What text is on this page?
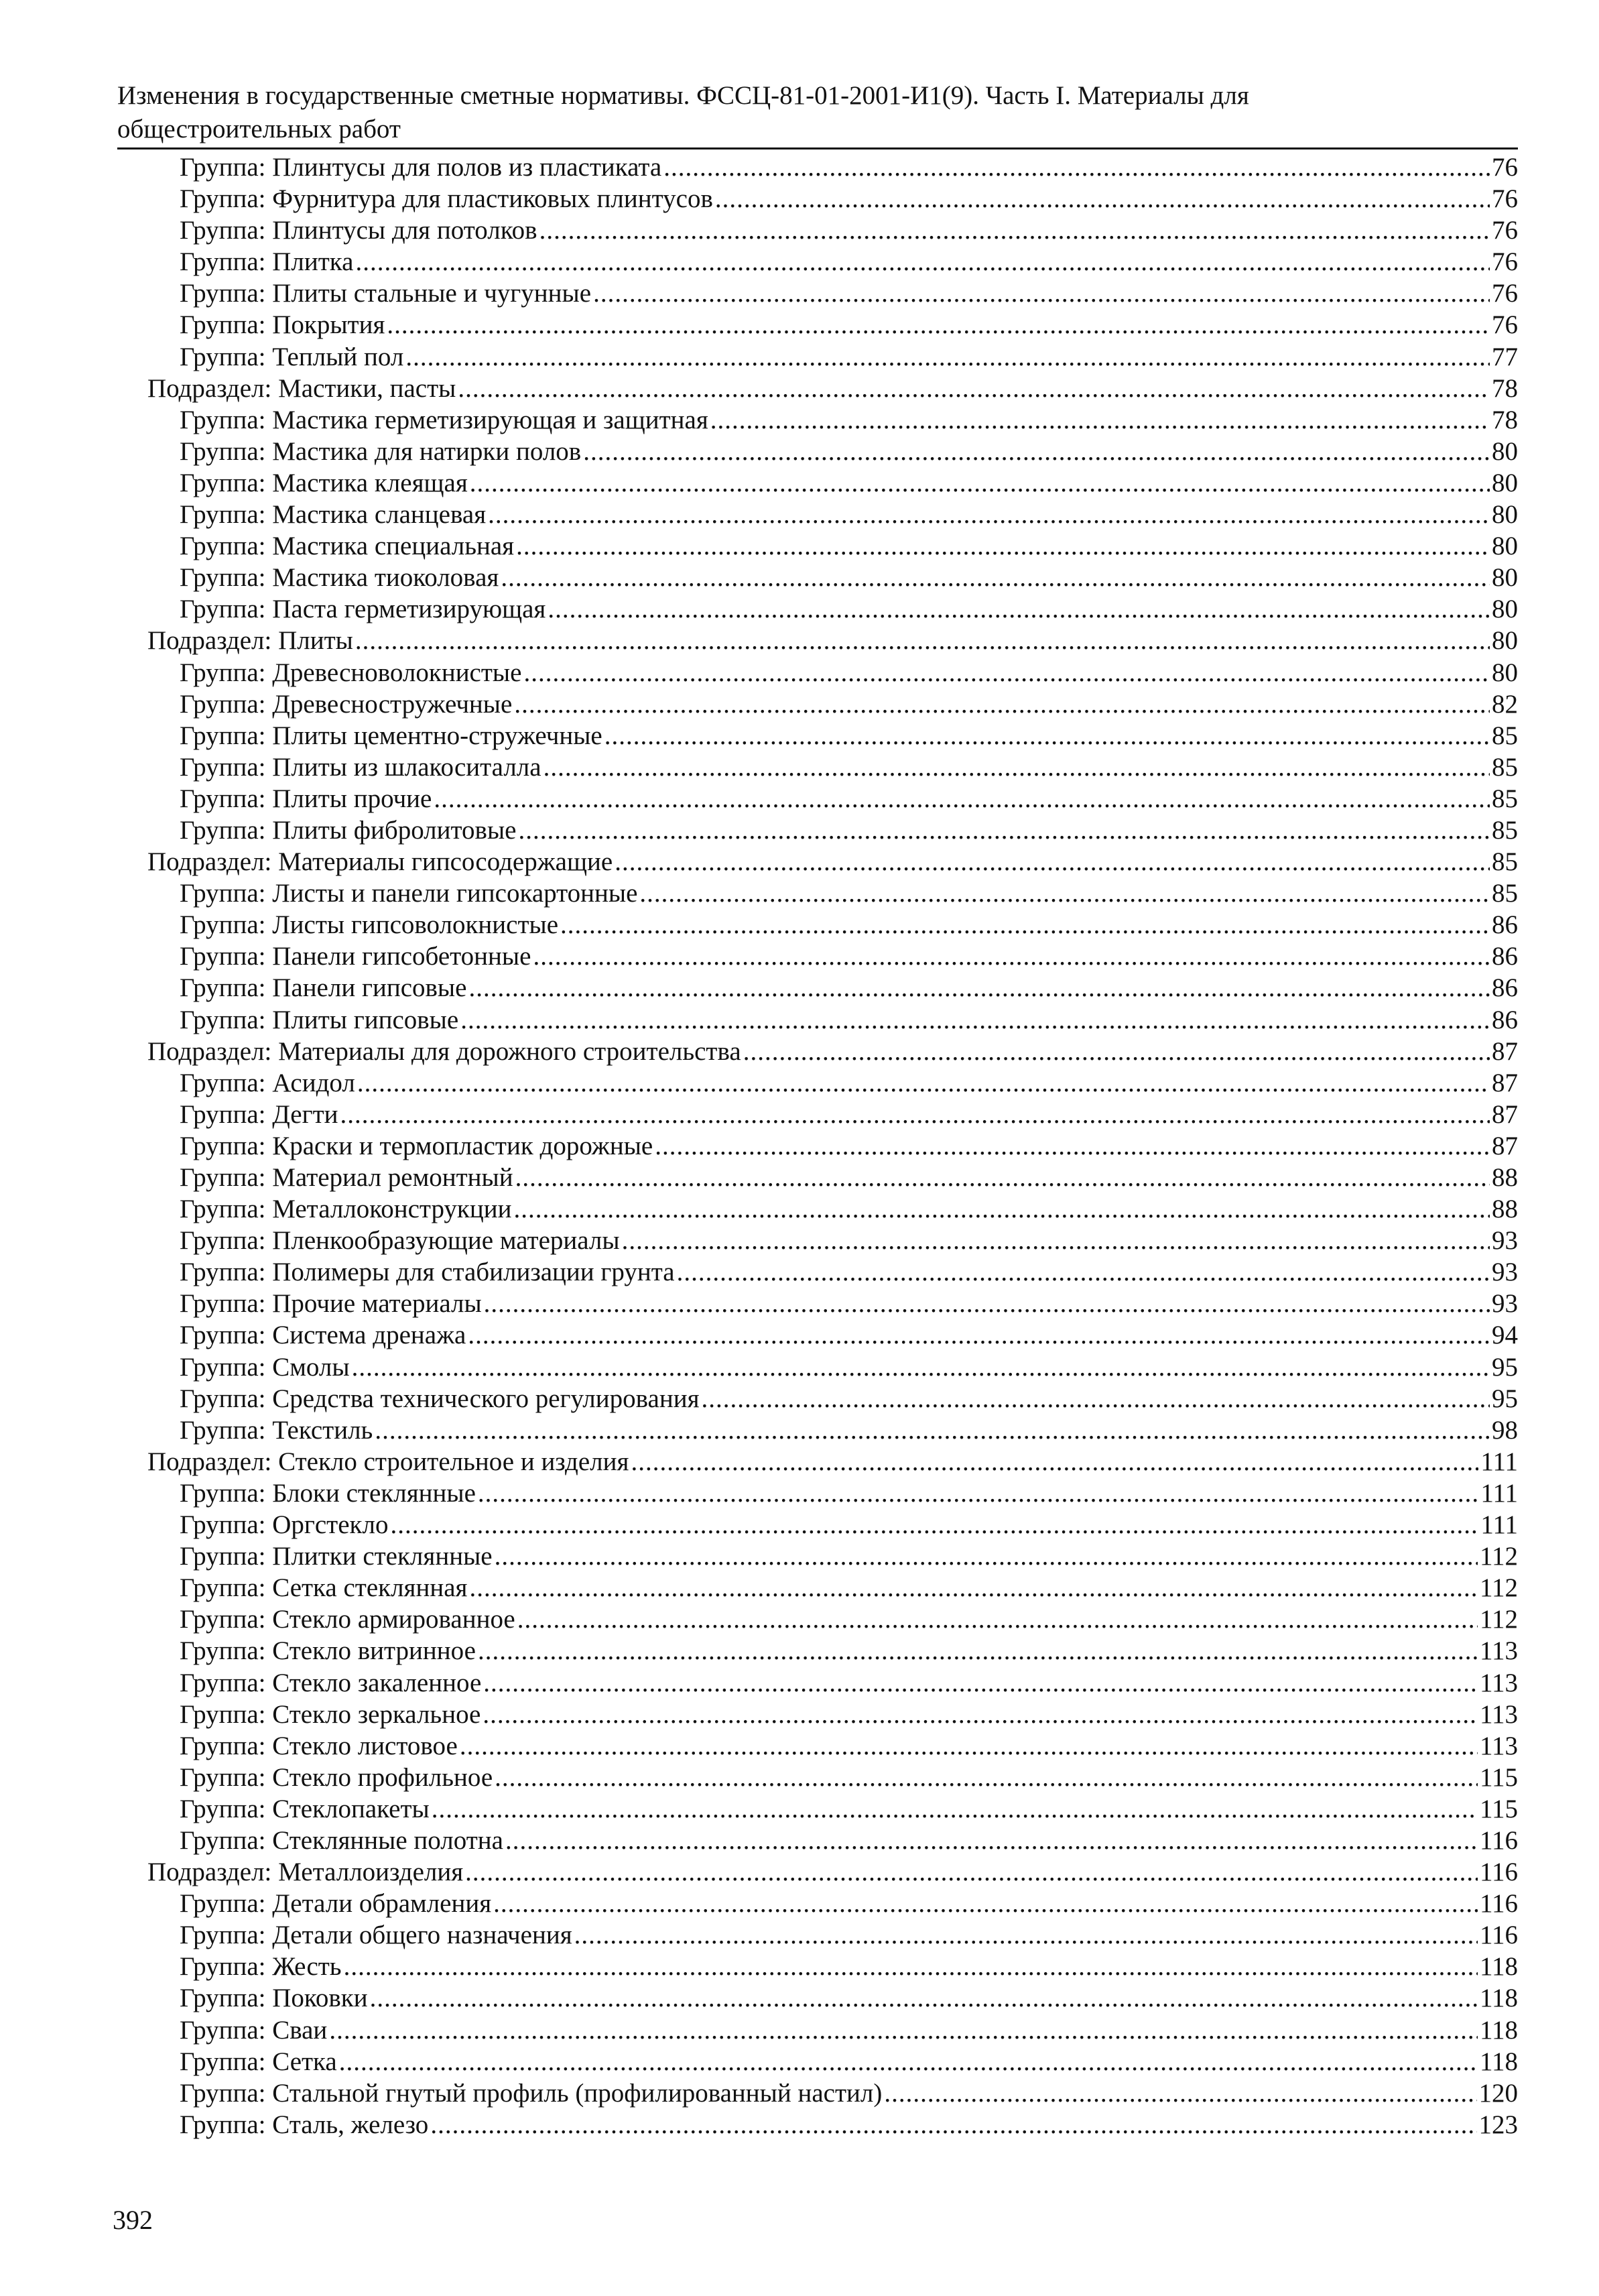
Изменения в государственные сметные нормативы. ФССЦ-81-01-2001-И1(9). Часть I. Материалы для
общестроительных работ
Группа: Плинтусы для полов из пластиката .....	76
Группа: Фурнитура для пластиковых плинтусов .....	76
Группа: Плинтусы для потолков .....	76
Группа: Плитка .....	76
Группа: Плиты стальные и чугунные .....	76
Группа: Покрытия .....	76
Группа: Теплый пол .....	77
Подраздел: Мастики, пасты .....	78
Группа: Мастика герметизирующая и защитная .....	78
Группа: Мастика для натирки полов .....	80
Группа: Мастика клеящая .....	80
Группа: Мастика сланцевая .....	80
Группа: Мастика специальная .....	80
Группа: Мастика тиоколовая .....	80
Группа: Паста герметизирующая .....	80
Подраздел: Плиты .....	80
Группа: Древесноволокнистые .....	80
Группа: Древесностружечные .....	82
Группа: Плиты цементно-стружечные .....	85
Группа: Плиты из шлакоситалла .....	85
Группа: Плиты прочие .....	85
Группа: Плиты фибролитовые .....	85
Подраздел: Материалы гипсосодержащие .....	85
Группа: Листы и панели гипсокартонные .....	85
Группа: Листы гипсоволокнистые .....	86
Группа: Панели гипсобетонные .....	86
Группа: Панели гипсовые .....	86
Группа: Плиты гипсовые .....	86
Подраздел: Материалы для дорожного строительства .....	87
Группа: Асидол .....	87
Группа: Дегти .....	87
Группа: Краски и термопластик дорожные .....	87
Группа: Материал ремонтный .....	88
Группа: Металлоконструкции .....	88
Группа: Пленкообразующие материалы .....	93
Группа: Полимеры для стабилизации грунта .....	93
Группа: Прочие материалы .....	93
Группа: Система дренажа .....	94
Группа: Смолы .....	95
Группа: Средства технического регулирования .....	95
Группа: Текстиль .....	98
Подраздел: Стекло строительное и изделия .....	111
Группа: Блоки стеклянные .....	111
Группа: Оргстекло .....	111
Группа: Плитки стеклянные .....	112
Группа: Сетка стеклянная .....	112
Группа: Стекло армированное .....	112
Группа: Стекло витринное .....	113
Группа: Стекло закаленное .....	113
Группа: Стекло зеркальное .....	113
Группа: Стекло листовое .....	113
Группа: Стекло профильное .....	115
Группа: Стеклопакеты .....	115
Группа: Стеклянные полотна .....	116
Подраздел: Металлоизделия .....	116
Группа: Детали обрамления .....	116
Группа: Детали общего назначения .....	116
Группа: Жесть .....	118
Группа: Поковки .....	118
Группа: Сваи .....	118
Группа: Сетка .....	118
Группа: Стальной гнутый профиль (профилированный настил) .....	120
Группа: Сталь, железо .....	123
392
